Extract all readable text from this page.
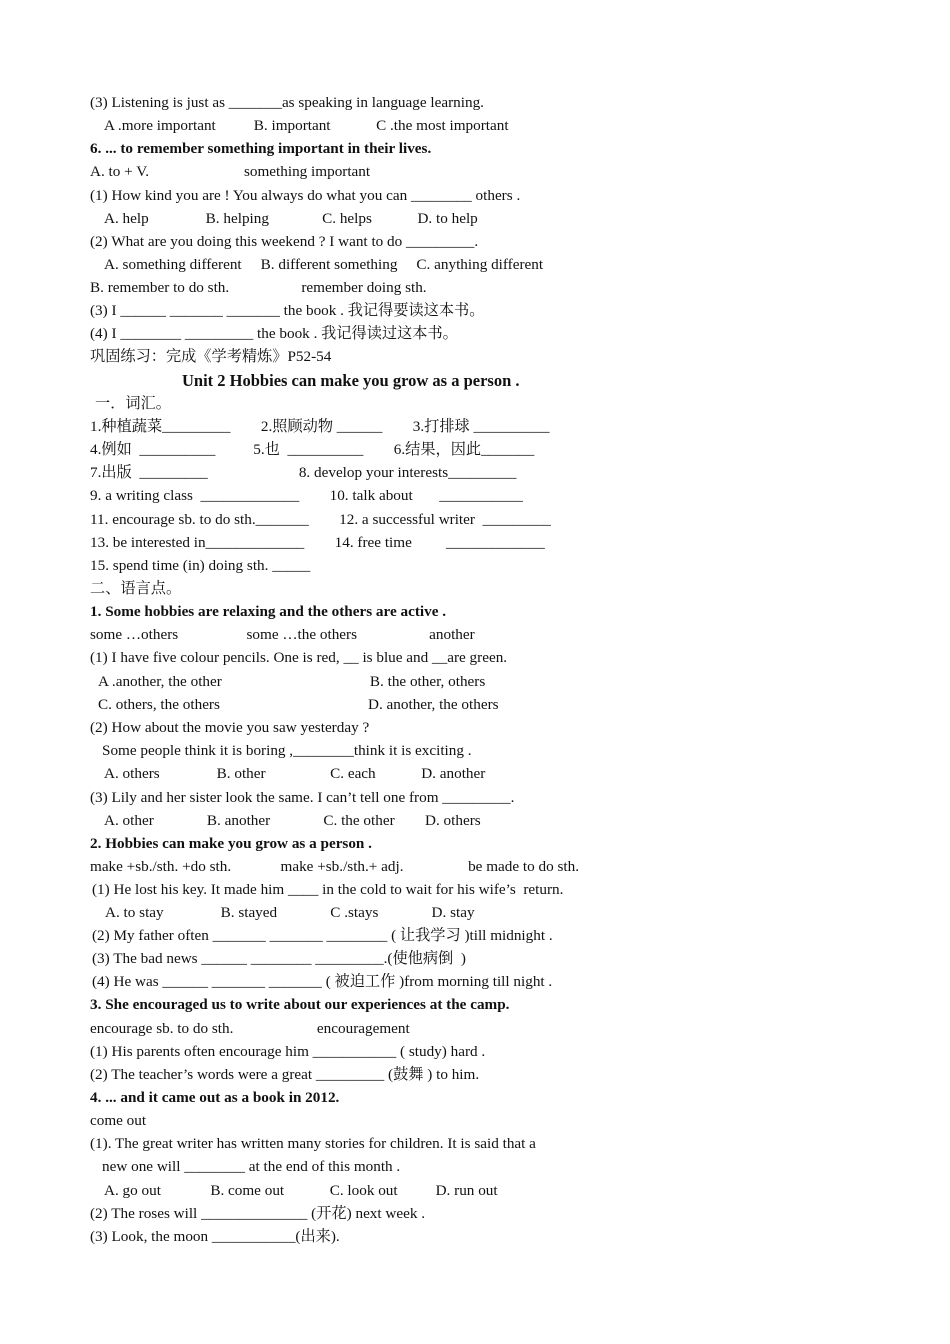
(3) Listening is just as _______as speaking in language learning.
A .more important          B. important            C .the most important
6. ... to remember something important in their lives.
A. to + V.                         something important
(1) How kind you are ! You always do what you can ________ others .
A. help               B. helping              C. helps            D. to help
(2) What are you doing this weekend ? I want to do _________.
A. something different     B. different something     C. anything different
B. remember to do sth.                   remember doing sth.
(3) I ______ _______ _______ the book . 我记得要读这本书。
(4) I ________ _________ the book . 我记得读过这本书。
巩固练习：完成《学考精炼》P52-54
Unit 2 Hobbies can make you grow as a person .
一．词汇。
1.种植蔬菜_________        2.照顾动物 ______        3.打排球 __________
4.例如  __________          5.也  __________        6.结果，因此_______
7.出版  _________                        8. develop your interests_________
9. a writing class  _____________        10. talk about       ___________
11. encourage sb. to do sth._______        12. a successful writer  _________
13. be interested in_____________        14. free time         _____________
15. spend time (in) doing sth. _____
二、语言点。
1. Some hobbies are relaxing and the others are active .
some …others                  some …the others                   another
(1) I have five colour pencils. One is red, __ is blue and __are green.
A .another, the other                                       B. the other, others
C. others, the others                                       D. another, the others
(2) How about the movie you saw yesterday ?
Some people think it is boring ,________think it is exciting .
A. others               B. other                 C. each            D. another
(3) Lily and her sister look the same. I can’t tell one from _________.
A. other              B. another              C. the other        D. others
2. Hobbies can make you grow as a person .
make +sb./sth. +do sth.             make +sb./sth.+ adj.                 be made to do sth.
(1) He lost his key. It made him ____ in the cold to wait for his wife’s  return.
A. to stay               B. stayed              C .stays              D. stay
(2) My father often _______ _______ ________ ( 让我学习 )till midnight .
(3) The bad news ______ ________ _________.(使他病倒  )
(4) He was ______ _______ _______ ( 被迫工作 )from morning till night .
3. She encouraged us to write about our experiences at the camp.
encourage sb. to do sth.                      encouragement
(1) His parents often encourage him ___________ ( study) hard .
(2) The teacher’s words were a great _________ (鼓舞 ) to him.
4. ... and it came out as a book in 2012.
come out
(1). The great writer has written many stories for children. It is said that a
new one will ________ at the end of this month .
A. go out             B. come out            C. look out          D. run out
(2) The roses will ______________ (开花) next week .
(3) Look, the moon ___________(出来).
